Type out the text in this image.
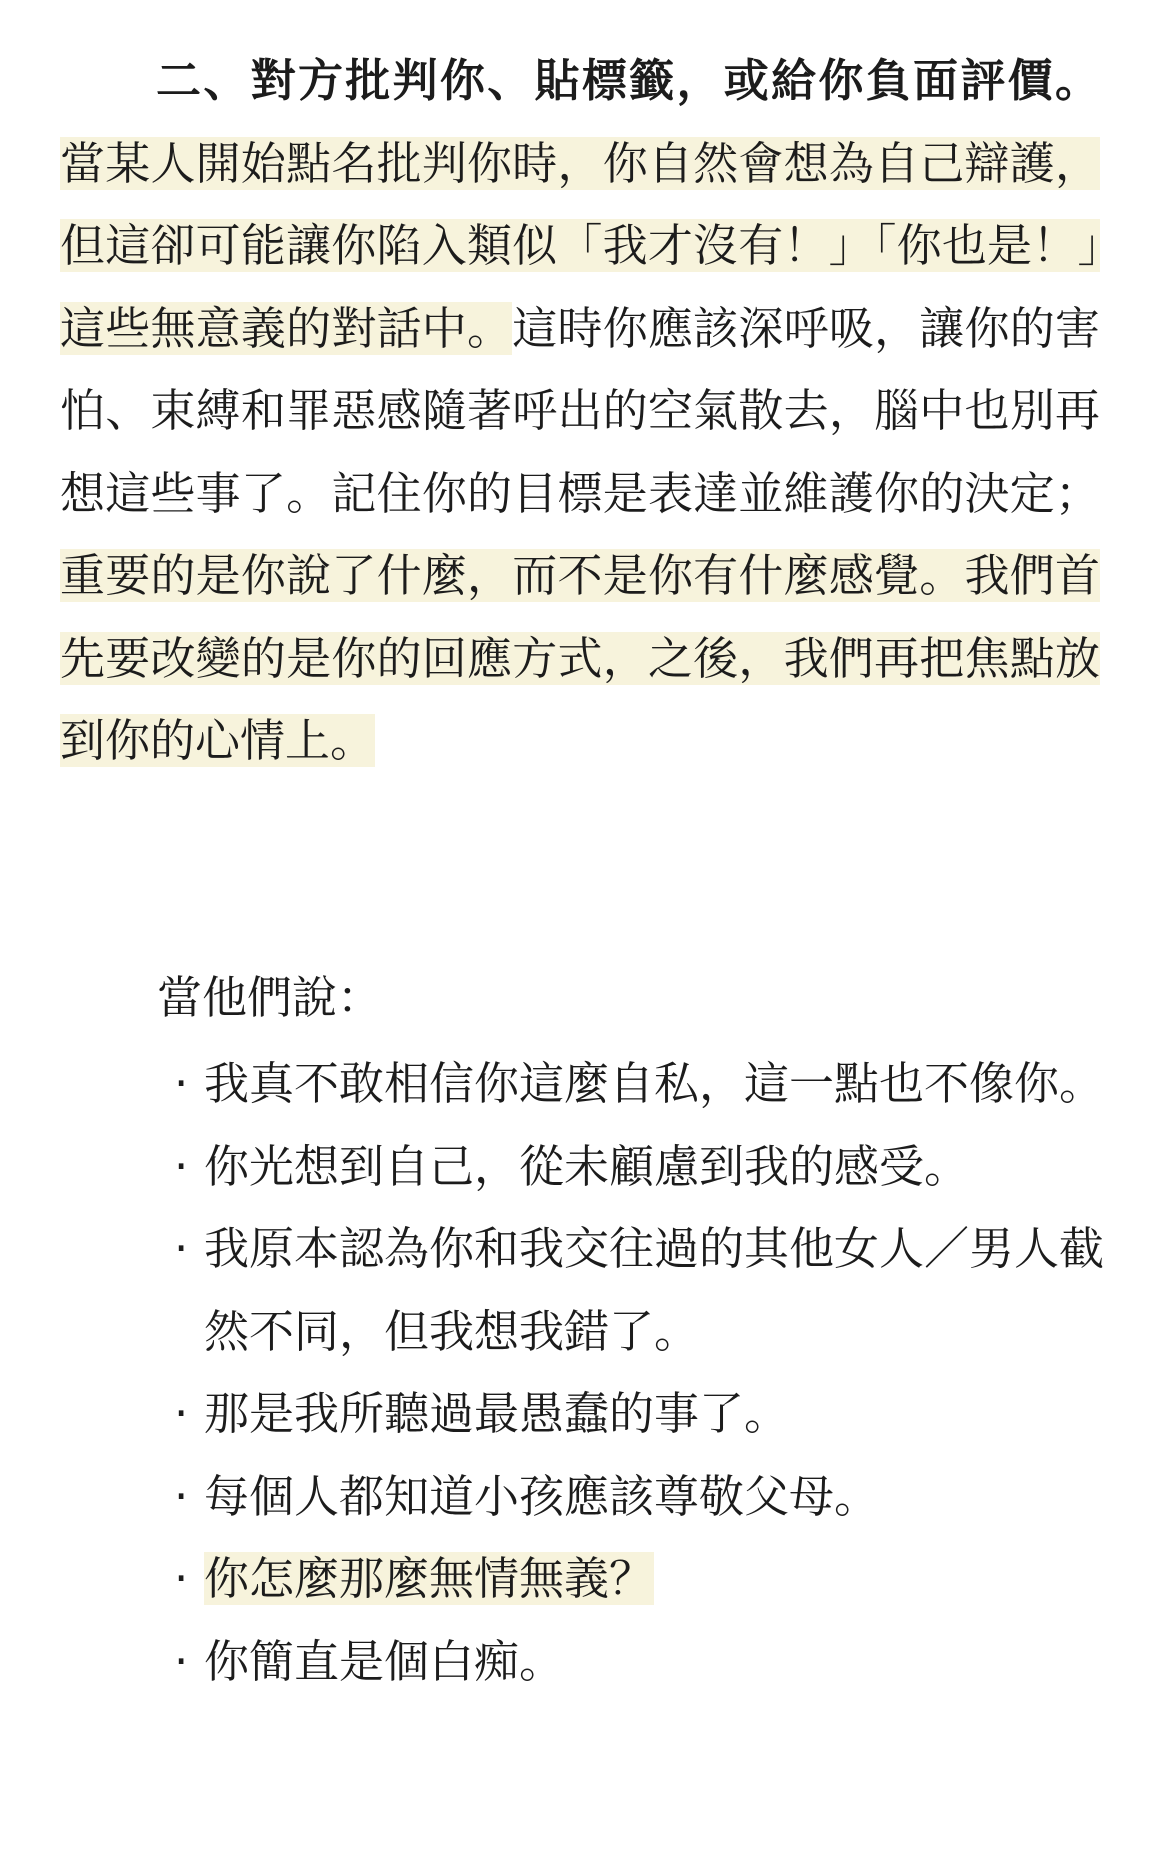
二、對方批判你、貼標籤，或給你負面評價。 當某人開始點名批判你時，你自然會想為自己辯護，但這卻可能讓你陷入類似「我才沒有！」「你也是！」這些無意義的對話中。這時你應該深呼吸，讓你的害怕、束縛和罪惡感隨著呼出的空氣散去，腦中也別再想這些事了。記住你的目標是表達並維護你的決定；重要的是你說了什麼，而不是你有什麼感覺。我們首先要改變的是你的回應方式，之後，我們再把焦點放到你的心情上。

當他們說：

· 我真不敢相信你這麼自私，這一點也不像你。
· 你光想到自己，從未顧慮到我的感受。
· 我原本認為你和我交往過的其他女人／男人截然不同，但我想我錯了。
· 那是我所聽過最愚蠢的事了。
· 每個人都知道小孩應該尊敬父母。
· 你怎麼那麼無情無義？
· 你簡直是個白痴。
